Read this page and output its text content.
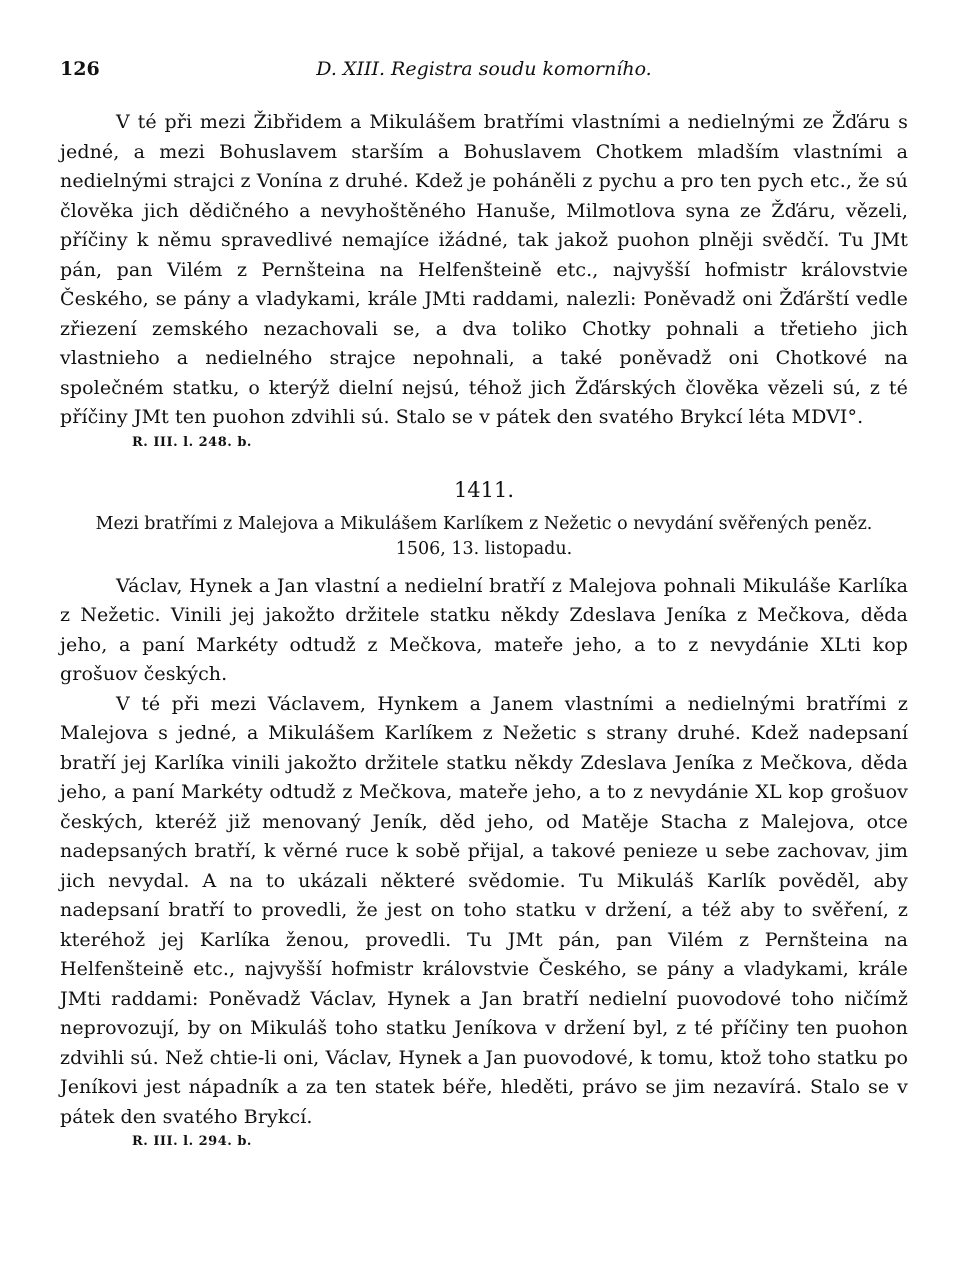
126	D. XIII. Registra soudu komorního.

V té při mezi Žibřidem a Mikulášem bratřími vlastními a nedielnými ze Žďáru s jedné, a mezi Bohuslavem starším a Bohuslavem Chotkem mladším vlastními a nedielnými strajci z Vonína z druhé. Kdež je poháněli z pychu a pro ten pych etc., že sú člověka jich dědičného a nevyhoštěného Hanuše, Milmotlova syna ze Žďáru, vězeli, příčiny k němu spravedlivé nemajíce ižádné, tak jakož puohon plněji svědčí. Tu JMt pán, pan Vilém z Pernšteina na Helfenšteině etc., najvyšší hofmistr královstvie Českého, se pány a vladykami, krále JMti raddami, nalezli: Poněvadž oni Žďárští vedle zřiezení zemského nezachovali se, a dva toliko Chotky pohnali a třetieho jich vlastnieho a nedielného strajce nepohnali, a také poněvadž oni Chotkové na společném statku, o kterýž dielní nejsú, téhož jich Žďárských člověka vězeli sú, z té příčiny JMt ten puohon zdvihli sú. Stalo se v pátek den svatého Brykcí léta MDVI°.

R. III. l. 248. b.
1411.

Mezi bratřími z Malejova a Mikulášem Karlíkem z Nežetic o nevydání svěřených peněz.

1506, 13. listopadu.

Václav, Hynek a Jan vlastní a nedielní bratří z Malejova pohnali Mikuláše Karlíka z Nežetic. Vinili jej jakožto držitele statku někdy Zdeslava Jeníka z Mečkova, děda jeho, a paní Markéty odtudž z Mečkova, mateře jeho, a to z nevydánie XLti kop grošuov českých.

V té při mezi Václavem, Hynkem a Janem vlastními a nedielnými bratřími z Malejova s jedné, a Mikulášem Karlíkem z Nežetic s strany druhé. Kdež nadepsaní bratří jej Karlíka vinili jakožto držitele statku někdy Zdeslava Jeníka z Mečkova, děda jeho, a paní Markéty odtudž z Mečkova, mateře jeho, a to z nevydánie XL kop grošuov českých, kteréž již menovaný Jeník, děd jeho, od Matěje Stacha z Malejova, otce nadepsaných bratří, k věrné ruce k sobě přijal, a takové penieze u sebe zachovav, jim jich nevydal. A na to ukázali některé svědomie. Tu Mikuláš Karlík pověděl, aby nadepsaní bratří to provedli, že jest on toho statku v držení, a též aby to svěření, z kteréhož jej Karlíka ženou, provedli. Tu JMt pán, pan Vilém z Pernšteina na Helfenšteině etc., najvyšší hofmistr královstvie Českého, se pány a vladykami, krále JMti raddami: Poněvadž Václav, Hynek a Jan bratří nedielní puovodové toho ničímž neprovozují, by on Mikuláš toho statku Jeníkova v držení byl, z té příčiny ten puohon zdvihli sú. Než chtie-li oni, Václav, Hynek a Jan puovodové, k tomu, ktož toho statku po Jeníkovi jest nápadník a za ten statek béře, hleděti, právo se jim nezavírá. Stalo se v pátek den svatého Brykcí.

R. III. l. 294. b.
